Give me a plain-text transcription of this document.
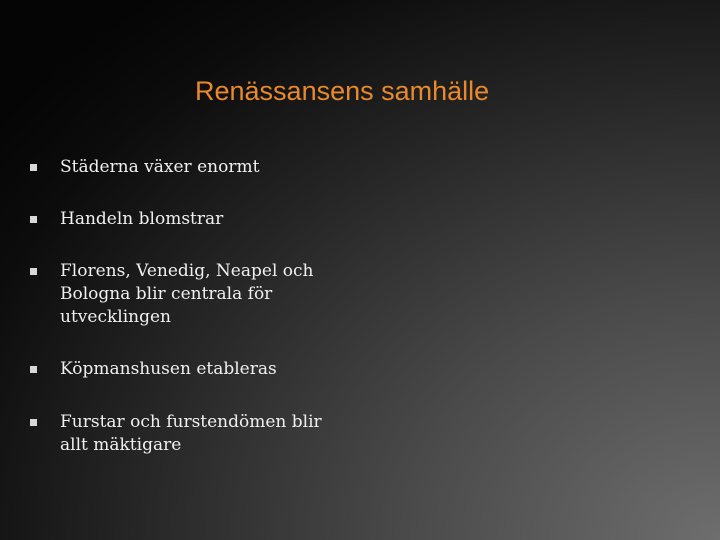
Renässansens samhälle
Städerna växer enormt
Handeln blomstrar
Florens, Venedig, Neapel och Bologna blir centrala för utvecklingen
Köpmanshusen etableras
Furstar och furstendömen blir allt mäktigare
